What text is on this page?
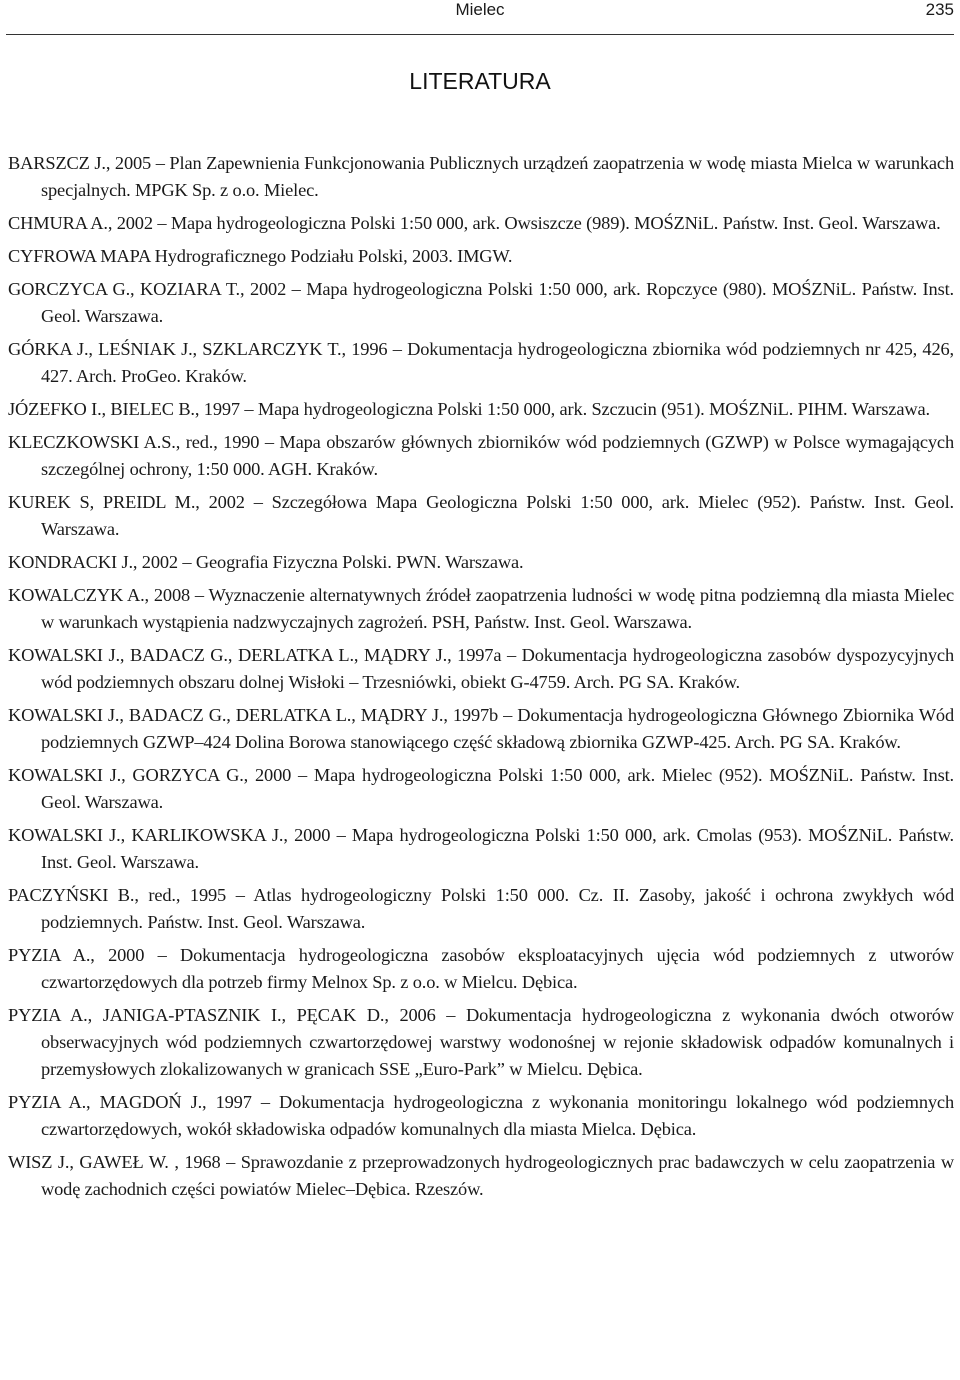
Mielec	235
LITERATURA
BARSZCZ J., 2005 – Plan Zapewnienia Funkcjonowania Publicznych urządzeń zaopatrzenia w wodę miasta Mielca w warunkach specjalnych. MPGK Sp. z o.o. Mielec.
CHMURA A., 2002 – Mapa hydrogeologiczna Polski 1:50 000, ark. Owsiszcze (989). MOŚZNiL. Państw. Inst. Geol. Warszawa.
CYFROWA MAPA Hydrograficznego Podziału Polski, 2003. IMGW.
GORCZYCA G., KOZIARA T., 2002 – Mapa hydrogeologiczna Polski 1:50 000, ark. Ropczyce (980). MOŚZNiL. Państw. Inst. Geol. Warszawa.
GÓRKA J., LEŚNIAK J., SZKLARCZYK T., 1996 – Dokumentacja hydrogeologiczna zbiornika wód podziemnych nr 425, 426, 427. Arch. ProGeo. Kraków.
JÓZEFKO I., BIELEC B., 1997 – Mapa hydrogeologiczna Polski 1:50 000, ark. Szczucin (951). MOŚZNiL. PIHM. Warszawa.
KLECZKOWSKI A.S., red., 1990 – Mapa obszarów głównych zbiorników wód podziemnych (GZWP) w Polsce wymagających szczególnej ochrony, 1:50 000. AGH. Kraków.
KUREK S, PREIDL M., 2002 – Szczegółowa Mapa Geologiczna Polski 1:50 000, ark. Mielec (952). Państw. Inst. Geol. Warszawa.
KONDRACKI J., 2002 – Geografia Fizyczna Polski. PWN. Warszawa.
KOWALCZYK A., 2008 – Wyznaczenie alternatywnych źródeł zaopatrzenia ludności w wodę pitna podziemną dla miasta Mielec w warunkach wystąpienia nadzwyczajnych zagrożeń. PSH, Państw. Inst. Geol. Warszawa.
KOWALSKI J., BADACZ G., DERLATKA L., MĄDRY J., 1997a – Dokumentacja hydrogeologiczna zasobów dyspozycyjnych wód podziemnych obszaru dolnej Wisłoki – Trzesniówki, obiekt G-4759. Arch. PG SA. Kraków.
KOWALSKI J., BADACZ G., DERLATKA L., MĄDRY J., 1997b – Dokumentacja hydrogeologiczna Głównego Zbiornika Wód podziemnych GZWP–424 Dolina Borowa stanowiącego część składową zbiornika GZWP-425. Arch. PG SA. Kraków.
KOWALSKI J., GORZYCA G., 2000 – Mapa hydrogeologiczna Polski 1:50 000, ark. Mielec (952). MOŚZNiL. Państw. Inst. Geol. Warszawa.
KOWALSKI J., KARLIKOWSKA J., 2000 – Mapa hydrogeologiczna Polski 1:50 000, ark. Cmolas (953). MOŚZNiL. Państw. Inst. Geol. Warszawa.
PACZYŃSKI B., red., 1995 – Atlas hydrogeologiczny Polski 1:50 000. Cz. II. Zasoby, jakość i ochrona zwykłych wód podziemnych. Państw. Inst. Geol. Warszawa.
PYZIA A., 2000 – Dokumentacja hydrogeologiczna zasobów eksploatacyjnych ujęcia wód podziemnych z utworów czwartorzędowych dla potrzeb firmy Melnox Sp. z o.o. w Mielcu. Dębica.
PYZIA A., JANIGA-PTASZNIK I., PĘCAK D., 2006 – Dokumentacja hydrogeologiczna z wykonania dwóch otworów obserwacyjnych wód podziemnych czwartorzędowej warstwy wodonośnej w rejonie składowisk odpadów komunalnych i przemysłowych zlokalizowanych w granicach SSE „Euro-Park” w Mielcu. Dębica.
PYZIA A., MAGDOŃ J., 1997 – Dokumentacja hydrogeologiczna z wykonania monitoringu lokalnego wód podziemnych czwartorzędowych, wokół składowiska odpadów komunalnych dla miasta Mielca. Dębica.
WISZ J., GAWEŁ W. , 1968 – Sprawozdanie z przeprowadzonych hydrogeologicznych prac badawczych w celu zaopatrzenia w wodę zachodnich części powiatów Mielec–Dębica. Rzeszów.
